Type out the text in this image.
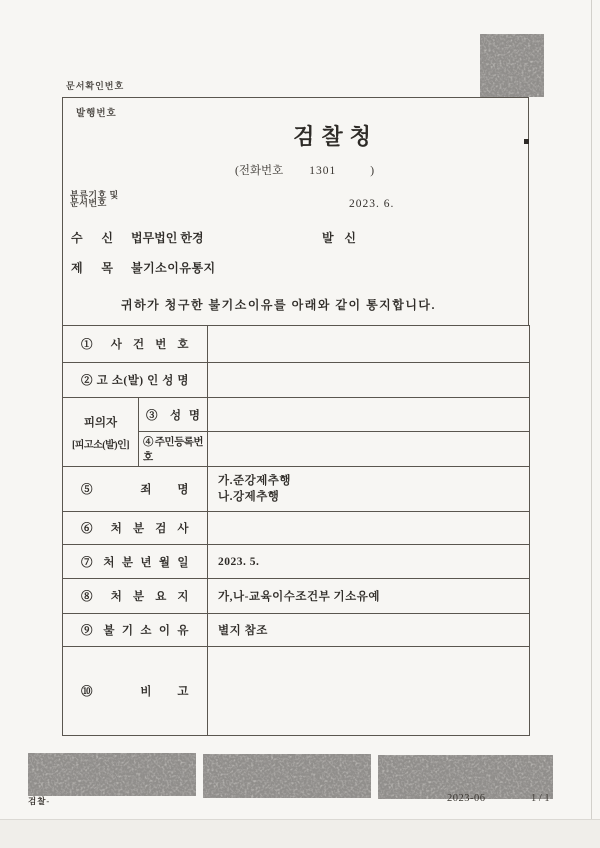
문서확인번호
발행번호
검찰청
(전화번호 1301	)
분류기호 및
문서번호	2023. 6.
수 신 법무법인 한경	발 신
제 목 불기소이유통지
귀하가 청구한 불기소이유를 아래와 같이 통지합니다.
① 사 건 번 호		
② 고 소(발) 인 성 명		

피의자
[피고소(발)인]	③ 성 명	
	④주민등록번호	
⑤ 죄 명		가.준강제추행
나.강제추행

⑥ 처 분 검 사		
⑦ 처 분 년 월 일		2023. 5.
⑧ 처 분 요 지		가,나-교육이수조건부 기소유예
⑨ 불 기 소 이 유		별지 참조
⑩ 비 고		
검찰-	2023-06	1 / 1
